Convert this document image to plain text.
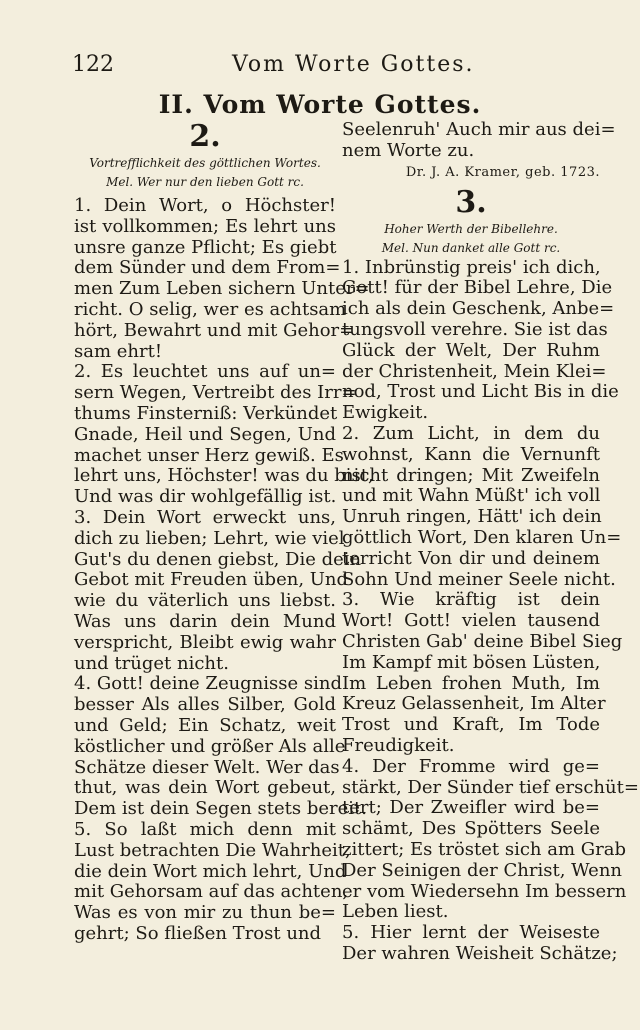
122	Vom Worte Gottes.
II. Vom Worte Gottes.
2.
Vortrefflichkeit des göttlichen Wortes.
Mel. Wer nur den lieben Gott rc.
1. Dein Wort, o Höchster!
ist vollkommen; Es lehrt uns
unsre ganze Pflicht; Es giebt
dem Sünder und dem From=
men Zum Leben sichern Unter=
richt. O selig, wer es achtsam
hört, Bewahrt und mit Gehor=
sam ehrt!
2. Es leuchtet uns auf un=
sern Wegen, Vertreibt des Irr=
thums Finsterniß: Verkündet
Gnade, Heil und Segen, Und
machet unser Herz gewiß. Es
lehrt uns, Höchster! was du bist,
Und was dir wohlgefällig ist.
3. Dein Wort erweckt uns,
dich zu lieben; Lehrt, wie viel
Gut's du denen giebst, Die dein
Gebot mit Freuden üben, Und
wie du väterlich uns liebst.
Was uns darin dein Mund
verspricht, Bleibt ewig wahr
und trüget nicht.
4. Gott! deine Zeugnisse sind
besser Als alles Silber, Gold
und Geld; Ein Schatz, weit
köstlicher und größer Als alle
Schätze dieser Welt. Wer das
thut, was dein Wort gebeut,
Dem ist dein Segen stets bereit.
5. So laßt mich denn mit
Lust betrachten Die Wahrheit,
die dein Wort mich lehrt, Und
mit Gehorsam auf das achten,
Was es von mir zu thun be=
gehrt; So fließen Trost und
Seelenruh' Auch mir aus dei=
nem Worte zu.
Dr. J. A. Kramer, geb. 1723.
3.
Hoher Werth der Bibellehre.
Mel. Nun danket alle Gott rc.
1. Inbrünstig preis' ich dich,
Gott! für der Bibel Lehre, Die
ich als dein Geschenk, Anbe=
tungsvoll verehre. Sie ist das
Glück der Welt, Der Ruhm
der Christenheit, Mein Klei=
nod, Trost und Licht Bis in die
Ewigkeit.
2. Zum Licht, in dem du
wohnst, Kann die Vernunft
nicht dringen; Mit Zweifeln
und mit Wahn Müßt' ich voll
Unruh ringen, Hätt' ich dein
göttlich Wort, Den klaren Un=
terricht Von dir und deinem
Sohn Und meiner Seele nicht.
3. Wie kräftig ist dein
Wort! Gott! vielen tausend
Christen Gab' deine Bibel Sieg
Im Kampf mit bösen Lüsten,
Im Leben frohen Muth, Im
Kreuz Gelassenheit, Im Alter
Trost und Kraft, Im Tode
Freudigkeit.
4. Der Fromme wird ge=
stärkt, Der Sünder tief erschüt=
tert; Der Zweifler wird be=
schämt, Des Spötters Seele
zittert; Es tröstet sich am Grab
Der Seinigen der Christ, Wenn
er vom Wiedersehn Im bessern
Leben liest.
5. Hier lernt der Weiseste
Der wahren Weisheit Schätze;
